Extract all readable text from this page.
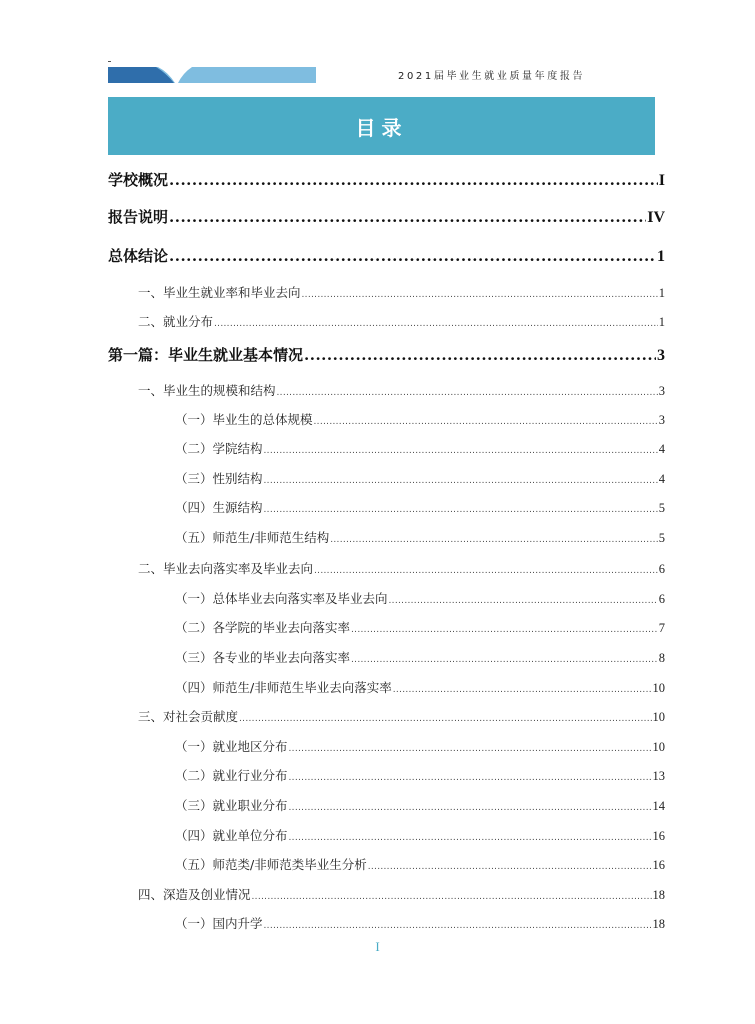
2021届毕业生就业质量年度报告
目录
学校概况 .....	I
报告说明 .....	IV
总体结论 .....	1
一、毕业生就业率和毕业去向 .....	1
二、就业分布 .....	1
第一篇：毕业生就业基本情况 .....	3
一、毕业生的规模和结构 .....	3
（一）毕业生的总体规模 .....	3
（二）学院结构 .....	4
（三）性别结构 .....	4
（四）生源结构 .....	5
（五）师范生/非师范生结构 .....	5
二、毕业去向落实率及毕业去向 .....	6
（一）总体毕业去向落实率及毕业去向 .....	6
（二）各学院的毕业去向落实率 .....	7
（三）各专业的毕业去向落实率 .....	8
（四）师范生/非师范生毕业去向落实率 .....	10
三、对社会贡献度 .....	10
（一）就业地区分布 .....	10
（二）就业行业分布 .....	13
（三）就业职业分布 .....	14
（四）就业单位分布 .....	16
（五）师范类/非师范类毕业生分析 .....	16
四、深造及创业情况 .....	18
（一）国内升学 .....	18
I
